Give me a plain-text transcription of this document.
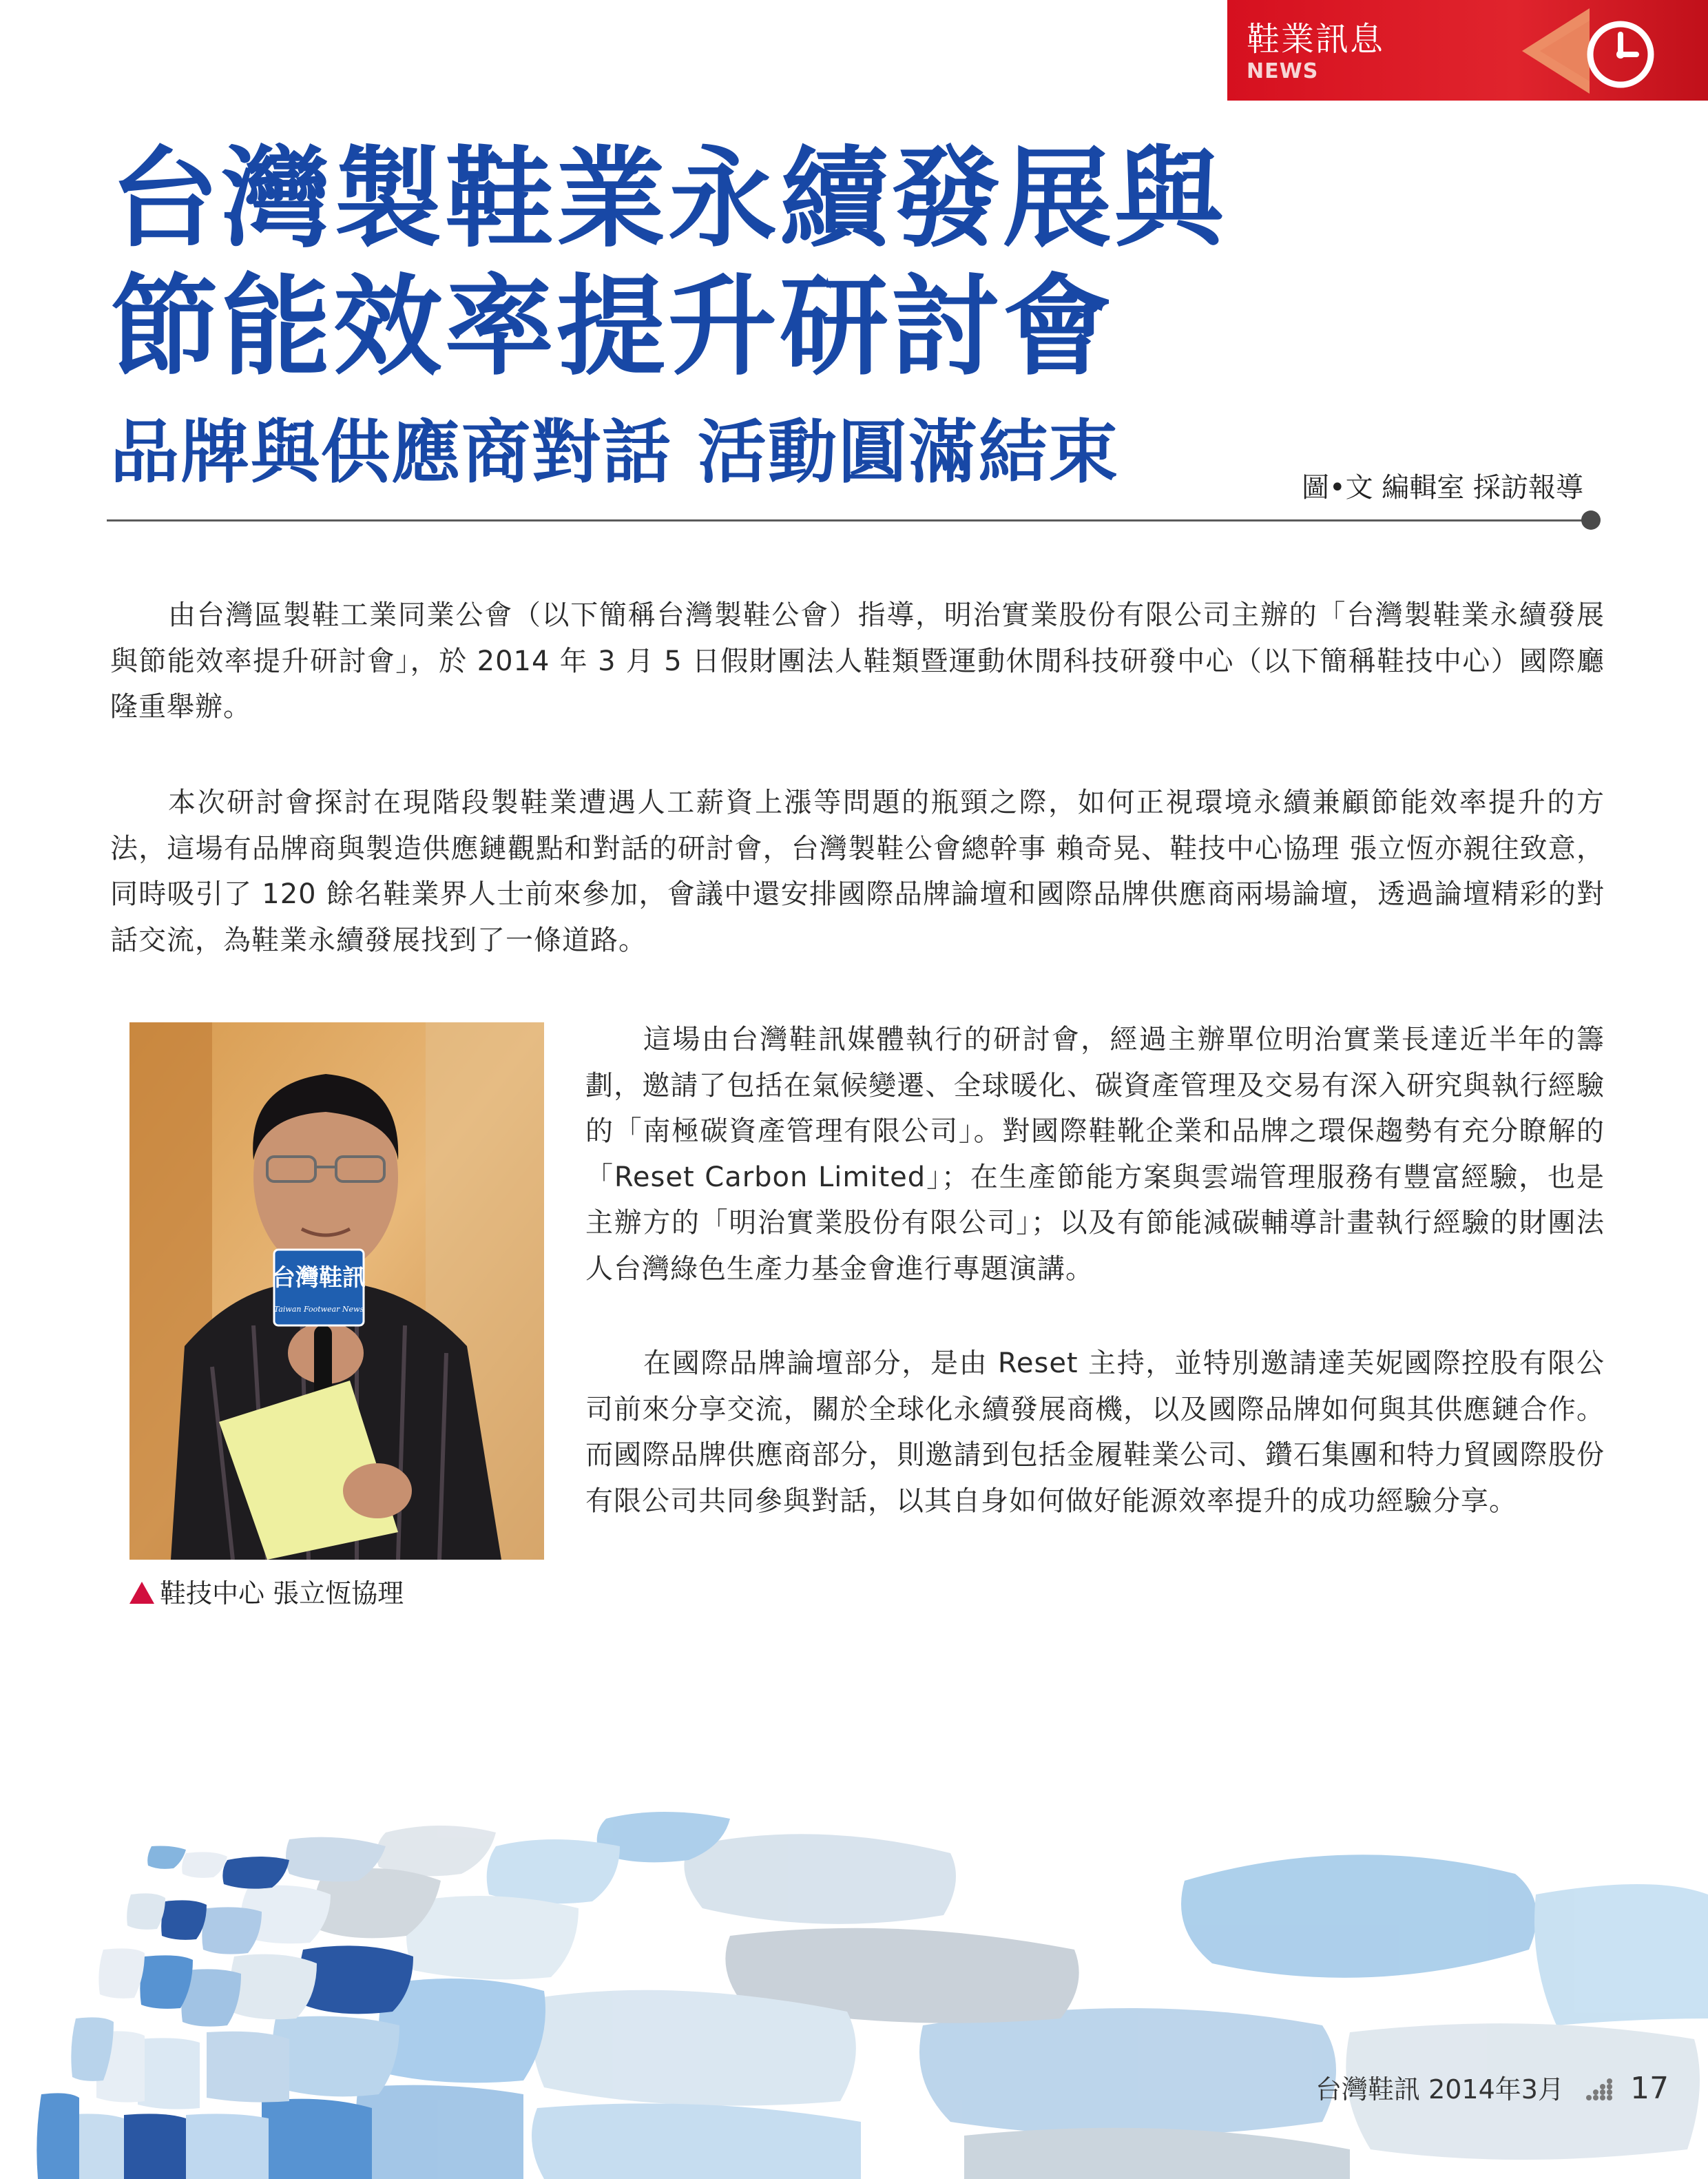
鞋業訊息
NEWS
台灣製鞋業永續發展與
節能效率提升研討會
品牌與供應商對話 活動圓滿結束	圖•文 編輯室 採訪報導

由台灣區製鞋工業同業公會（以下簡稱台灣製鞋公會）指導，明治實業股份有限公司主辦的「台灣製鞋業永續發展與節能效率提升研討會」，於 2014 年 3 月 5 日假財團法人鞋類暨運動休閒科技研發中心（以下簡稱鞋技中心）國際廳隆重舉辦。

本次研討會探討在現階段製鞋業遭遇人工薪資上漲等問題的瓶頸之際，如何正視環境永續兼顧節能效率提升的方法，這場有品牌商與製造供應鏈觀點和對話的研討會，台灣製鞋公會總幹事 賴奇晃、鞋技中心協理 張立恆亦親往致意，同時吸引了 120 餘名鞋業界人士前來參加，會議中還安排國際品牌論壇和國際品牌供應商兩場論壇，透過論壇精彩的對話交流，為鞋業永續發展找到了一條道路。

這場由台灣鞋訊媒體執行的研討會，經過主辦單位明治實業長達近半年的籌劃，邀請了包括在氣候變遷、全球暖化、碳資產管理及交易有深入研究與執行經驗的「南極碳資產管理有限公司」。對國際鞋靴企業和品牌之環保趨勢有充分瞭解的「Reset Carbon Limited」；在生產節能方案與雲端管理服務有豐富經驗，也是主辦方的「明治實業股份有限公司」；以及有節能減碳輔導計畫執行經驗的財團法人台灣綠色生產力基金會進行專題演講。

在國際品牌論壇部分，是由 Reset 主持，並特別邀請達芙妮國際控股有限公司前來分享交流，關於全球化永續發展商機，以及國際品牌如何與其供應鏈合作。而國際品牌供應商部分，則邀請到包括金履鞋業公司、鑽石集團和特力貿國際股份有限公司共同參與對話，以其自身如何做好能源效率提升的成功經驗分享。

台灣鞋訊
Taiwan Footwear News
鞋技中心 張立恆協理
台灣鞋訊 2014年3月 17
